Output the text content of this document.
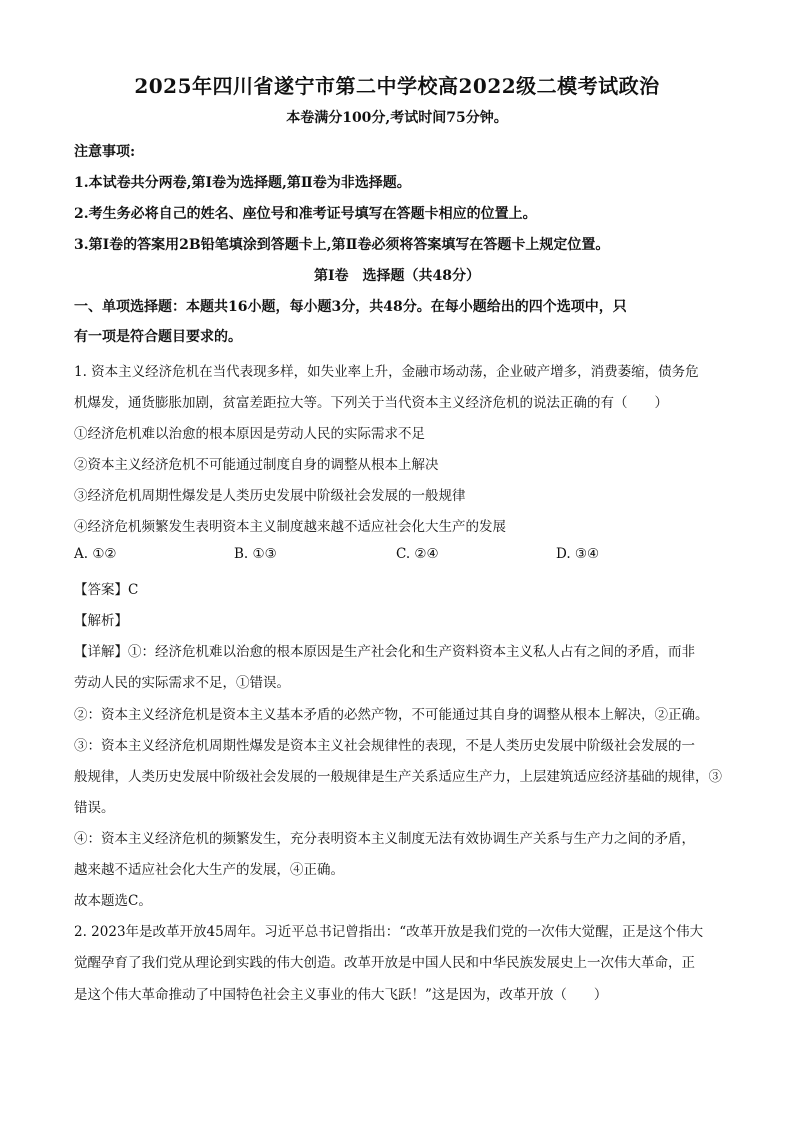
2025年四川省遂宁市第二中学校高2022级二模考试政治
本卷满分100分,考试时间75分钟。
注意事项:
1.本试卷共分两卷,第Ⅰ卷为选择题,第Ⅱ卷为非选择题。
2.考生务必将自己的姓名、座位号和准考证号填写在答题卡相应的位置上。
3.第Ⅰ卷的答案用2B铅笔填涂到答题卡上,第Ⅱ卷必须将答案填写在答题卡上规定位置。
第Ⅰ卷　选择题（共48分）
一、单项选择题：本题共16小题，每小题3分，共48分。在每小题给出的四个选项中，只
有一项是符合题目要求的。
1. 资本主义经济危机在当代表现多样，如失业率上升，金融市场动荡，企业破产增多，消费萎缩，债务危
机爆发，通货膨胀加剧，贫富差距拉大等。下列关于当代资本主义经济危机的说法正确的有（　　）
①经济危机难以治愈的根本原因是劳动人民的实际需求不足
②资本主义经济危机不可能通过制度自身的调整从根本上解决
③经济危机周期性爆发是人类历史发展中阶级社会发展的一般规律
④经济危机频繁发生表明资本主义制度越来越不适应社会化大生产的发展
A. ①②	B. ①③	C. ②④	D. ③④
【答案】C
【解析】
【详解】①：经济危机难以治愈的根本原因是生产社会化和生产资料资本主义私人占有之间的矛盾，而非
劳动人民的实际需求不足，①错误。
②：资本主义经济危机是资本主义基本矛盾的必然产物，不可能通过其自身的调整从根本上解决，②正确。
③：资本主义经济危机周期性爆发是资本主义社会规律性的表现，不是人类历史发展中阶级社会发展的一
般规律，人类历史发展中阶级社会发展的一般规律是生产关系适应生产力，上层建筑适应经济基础的规律，③
错误。
④：资本主义经济危机的频繁发生，充分表明资本主义制度无法有效协调生产关系与生产力之间的矛盾，
越来越不适应社会化大生产的发展，④正确。
故本题选C。
2. 2023年是改革开放45周年。习近平总书记曾指出：“改革开放是我们党的一次伟大觉醒，正是这个伟大
觉醒孕育了我们党从理论到实践的伟大创造。改革开放是中国人民和中华民族发展史上一次伟大革命，正
是这个伟大革命推动了中国特色社会主义事业的伟大飞跃！”这是因为，改革开放（　　）
